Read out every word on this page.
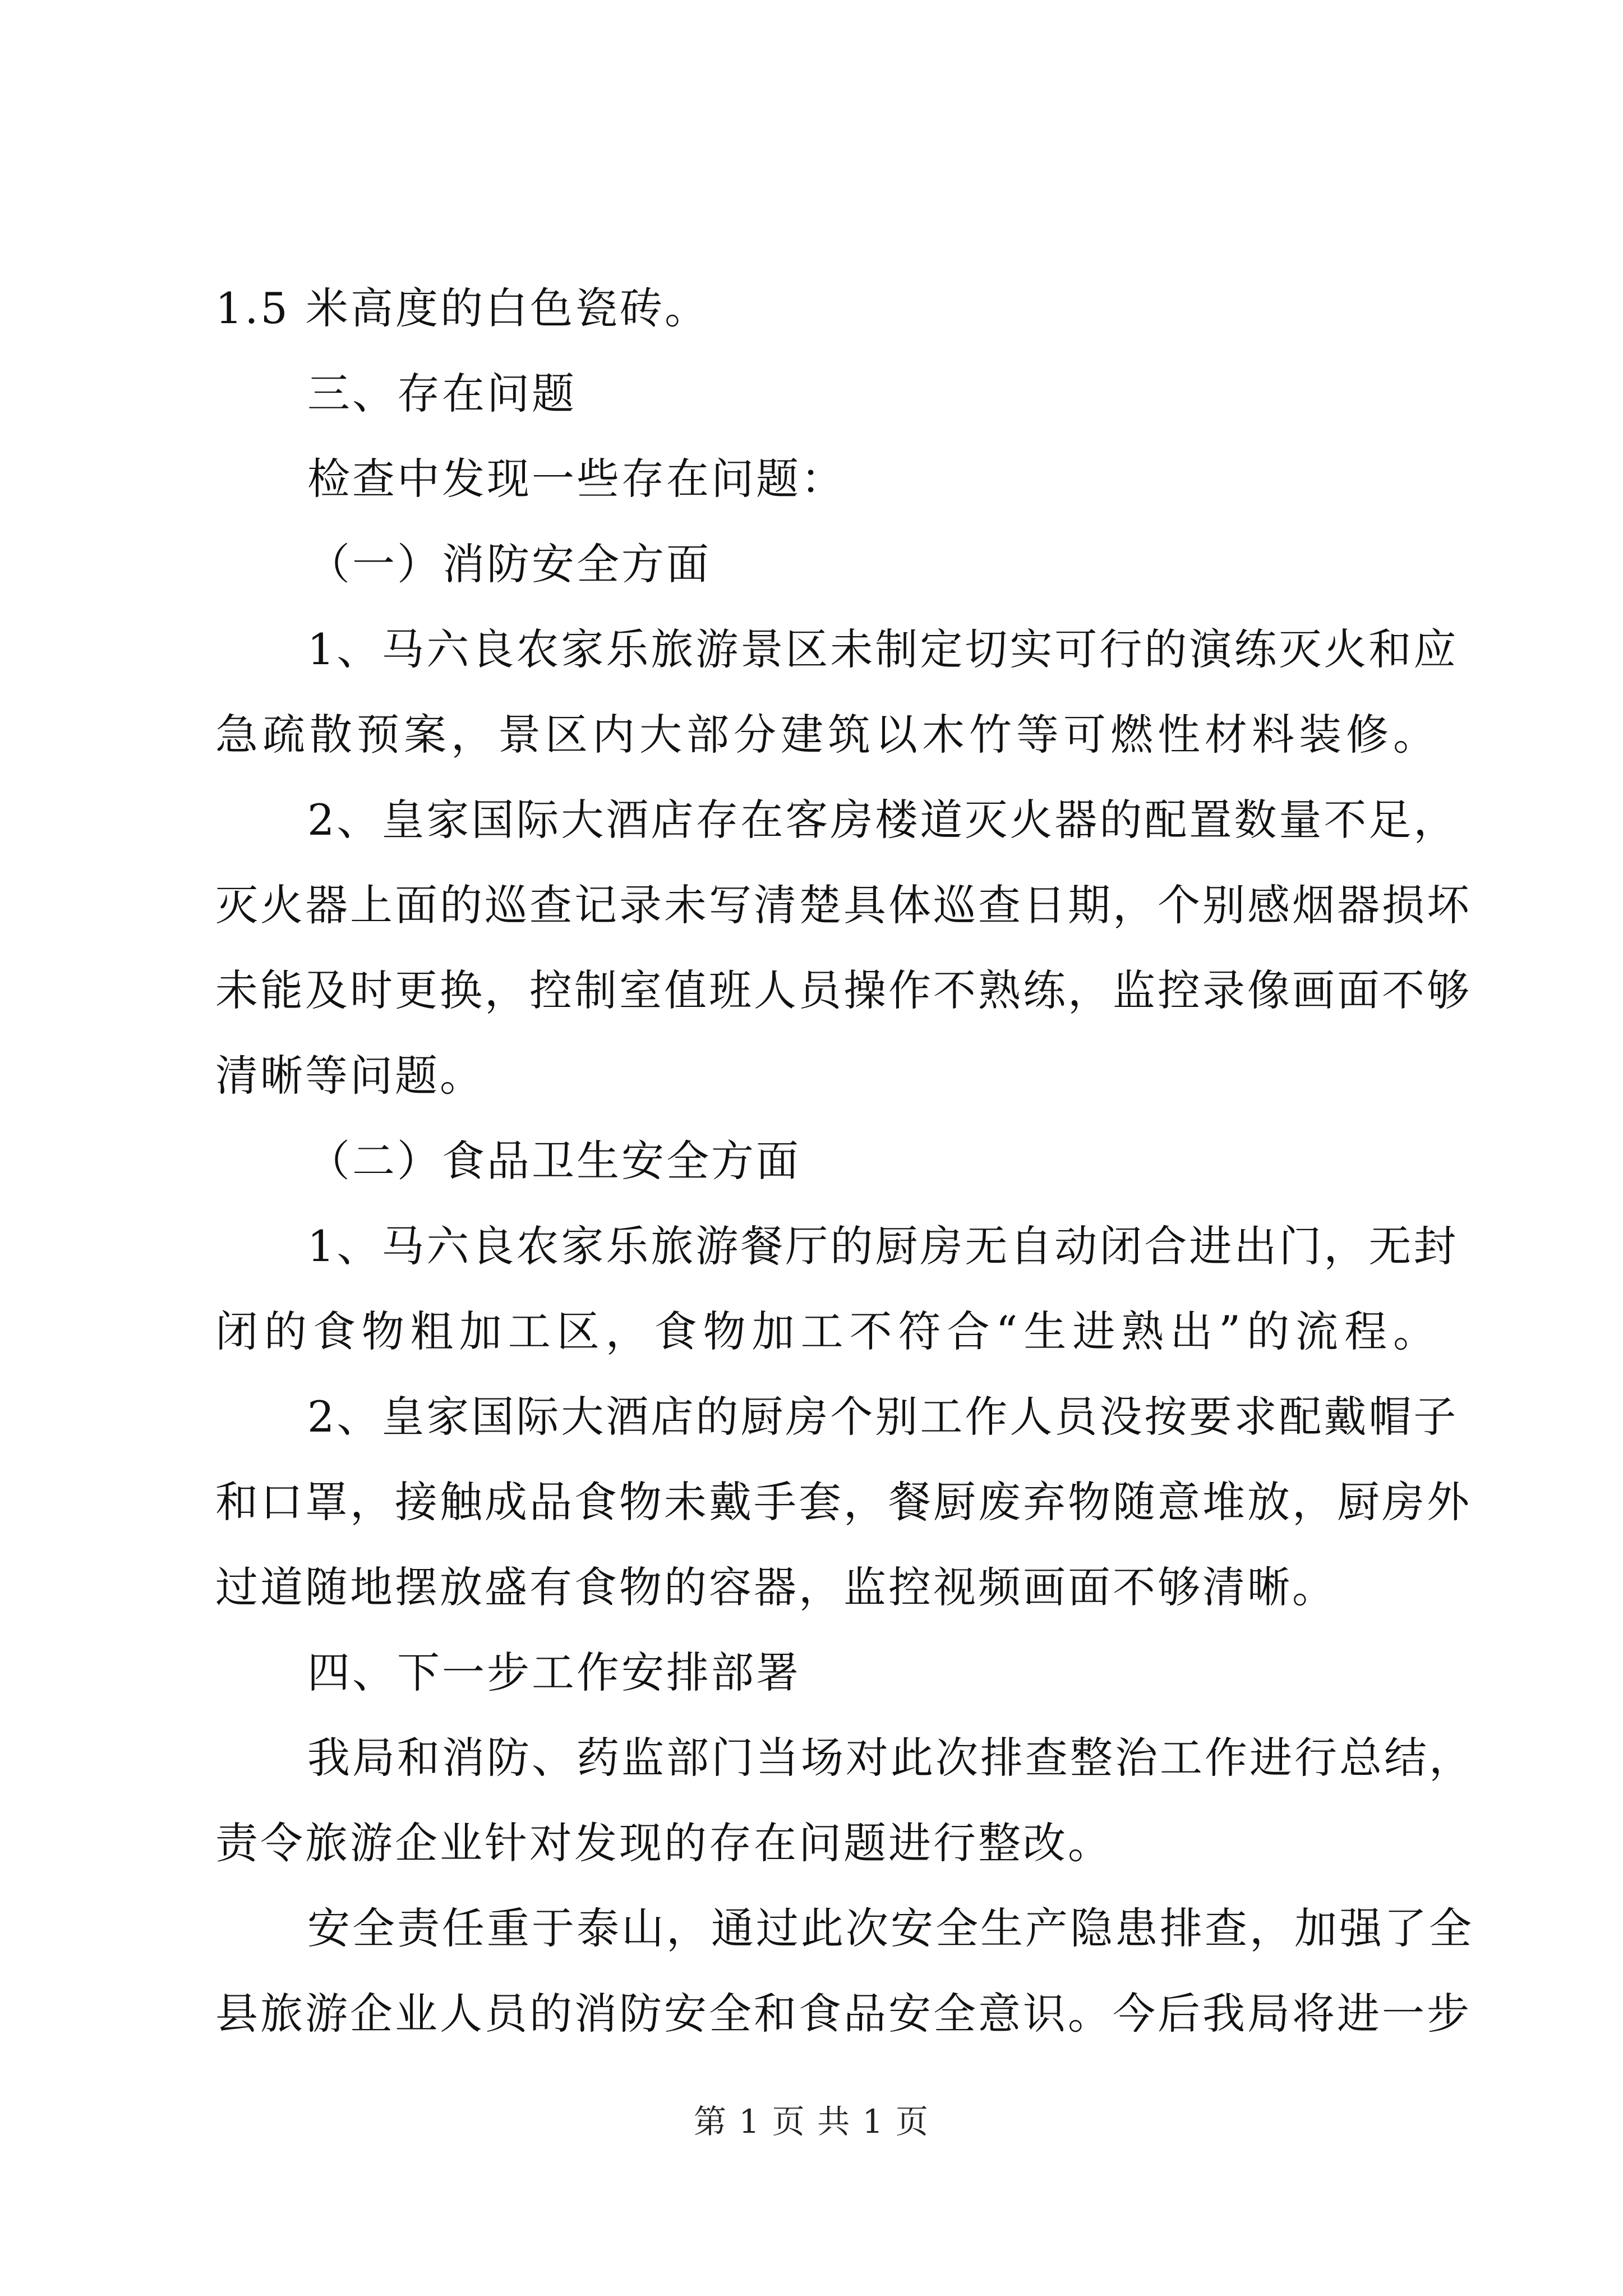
1.5 米高度的白色瓷砖。
三、存在问题
检查中发现一些存在问题：
（一）消防安全方面
1、马六良农家乐旅游景区未制定切实可行的演练灭火和应
急疏散预案，景区内大部分建筑以木竹等可燃性材料装修。
2、皇家国际大酒店存在客房楼道灭火器的配置数量不足，
灭火器上面的巡查记录未写清楚具体巡查日期，个别感烟器损坏
未能及时更换，控制室值班人员操作不熟练，监控录像画面不够
清晰等问题。
（二）食品卫生安全方面
1、马六良农家乐旅游餐厅的厨房无自动闭合进出门，无封
闭的食物粗加工区，食物加工不符合“生进熟出”的流程。
2、皇家国际大酒店的厨房个别工作人员没按要求配戴帽子
和口罩，接触成品食物未戴手套，餐厨废弃物随意堆放，厨房外
过道随地摆放盛有食物的容器，监控视频画面不够清晰。
四、下一步工作安排部署
我局和消防、药监部门当场对此次排查整治工作进行总结，
责令旅游企业针对发现的存在问题进行整改。
安全责任重于泰山，通过此次安全生产隐患排查，加强了全
县旅游企业人员的消防安全和食品安全意识。今后我局将进一步
第 1 页 共 1 页
